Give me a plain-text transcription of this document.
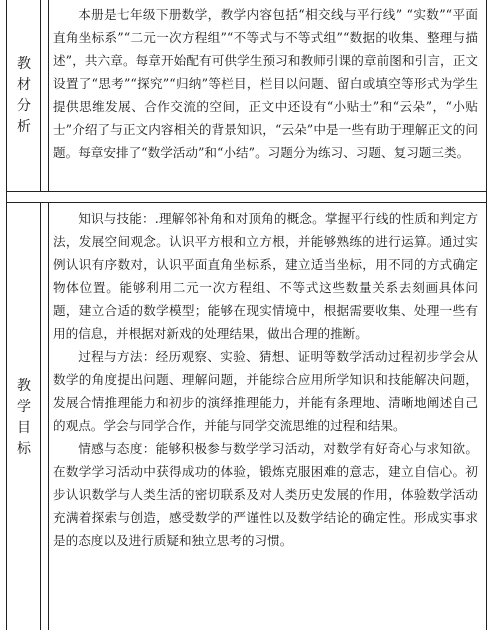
教
材
分
析

本册是七年级下册数学，教学内容包括“相交线与平行线” “实数”“平面直角坐标系”“二元一次方程组”“不等式与不等式组”“数据的收集、整理与描述”，共六章。每章开始配有可供学生预习和教师引课的章前图和引言，正文设置了“思考”“探究”“归纳”等栏目，栏目以问题、留白或填空等形式为学生提供思维发展、合作交流的空间，正文中还设有“小贴士”和“云朵”，“小贴士”介绍了与正文内容相关的背景知识，“云朵”中是一些有助于理解正文的问题。每章安排了“数学活动”和“小结”。习题分为练习、习题、复习题三类。

教
学
目
标

知识与技能：.理解邻补角和对顶角的概念。掌握平行线的性质和判定方法，发展空间观念。认识平方根和立方根，并能够熟练的进行运算。通过实例认识有序数对，认识平面直角坐标系，建立适当坐标，用不同的方式确定物体位置。能够利用二元一次方程组、不等式这些数量关系去刻画具体问题，建立合适的数学模型；能够在现实情境中，根据需要收集、处理一些有用的信息，并根据对新戏的处理结果，做出合理的推断。

过程与方法：经历观察、实验、猜想、证明等数学活动过程初步学会从数学的角度提出问题、理解问题，并能综合应用所学知识和技能解决问题，发展合情推理能力和初步的演绎推理能力，并能有条理地、清晰地阐述自己的观点。学会与同学合作，并能与同学交流思维的过程和结果。

情感与态度：能够积极参与数学学习活动，对数学有好奇心与求知欲。在数学学习活动中获得成功的体验，锻炼克服困难的意志，建立自信心。初步认识数学与人类生活的密切联系及对人类历史发展的作用，体验数学活动充满着探索与创造，感受数学的严谨性以及数学结论的确定性。形成实事求是的态度以及进行质疑和独立思考的习惯。
